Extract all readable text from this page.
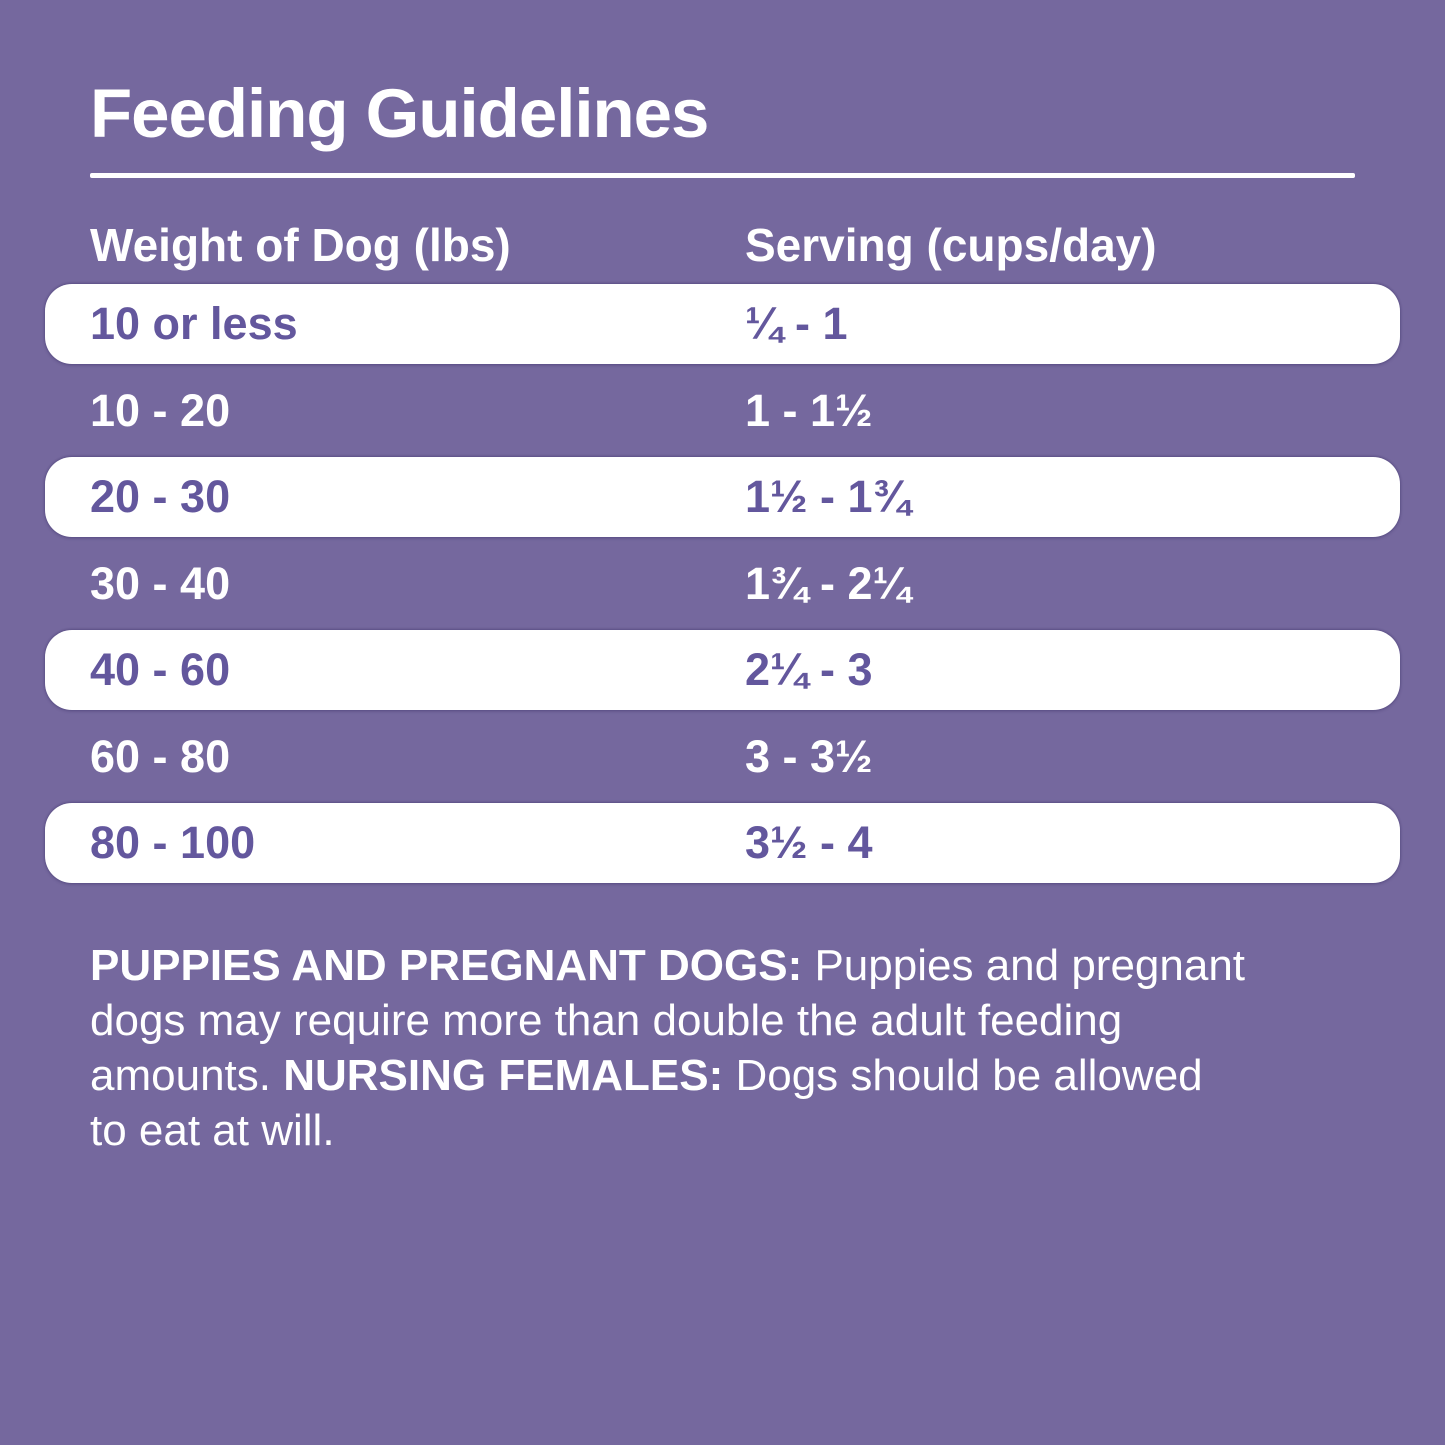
Feeding Guidelines
Weight of Dog (lbs)	Serving (cups/day)
10 or less	¼ - 1
10 - 20	1 - 1½
20 - 30	1½ - 1¾
30 - 40	1¾ - 2¼
40 - 60	2¼ - 3
60 - 80	3 - 3½
80 - 100	3½ - 4

PUPPIES AND PREGNANT DOGS: Puppies and pregnant
dogs may require more than double the adult feeding
amounts. NURSING FEMALES: Dogs should be allowed
to eat at will.
